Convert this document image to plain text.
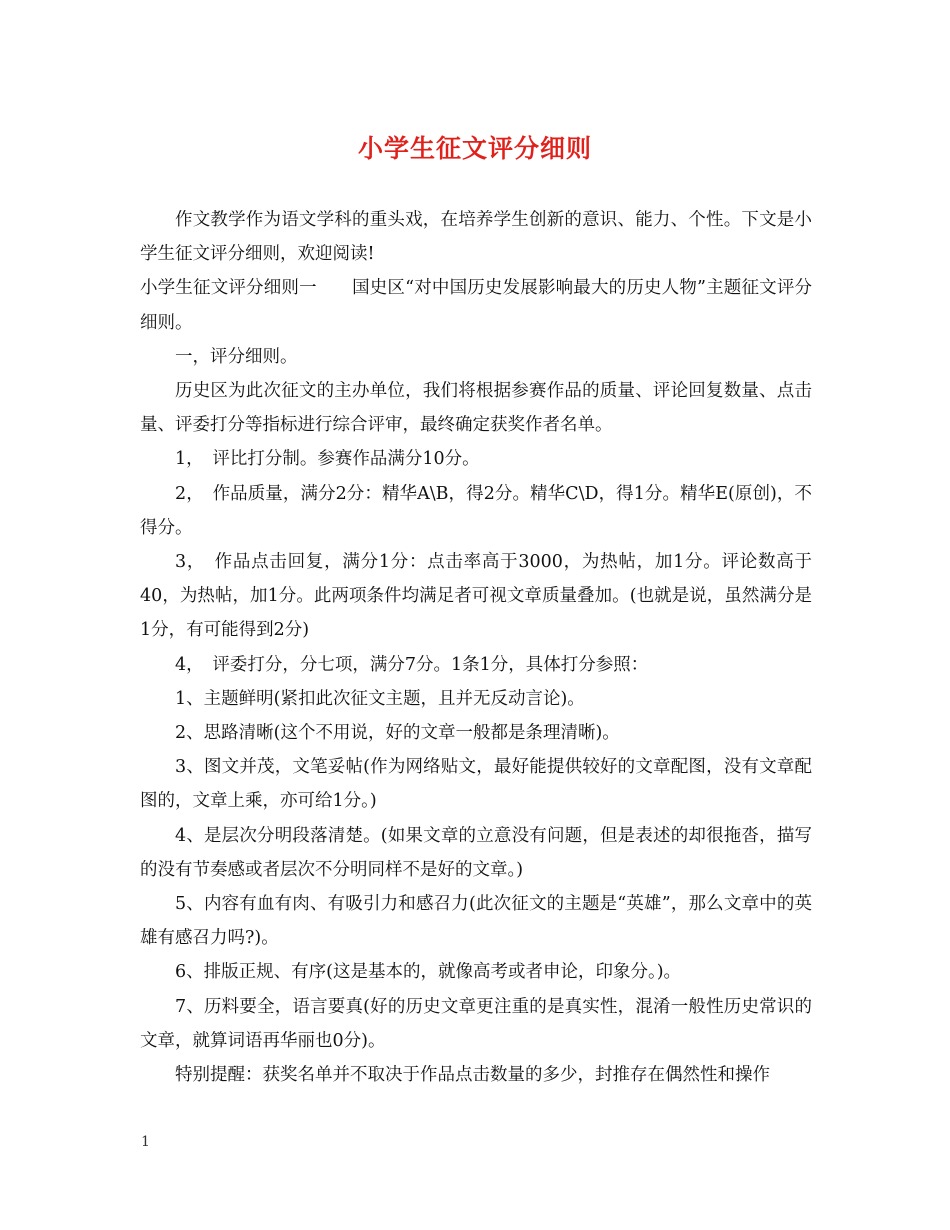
小学生征文评分细则

作文教学作为语文学科的重头戏，在培养学生创新的意识、能力、个性。下文是小学生征文评分细则，欢迎阅读!

小学生征文评分细则一　　国史区“对中国历史发展影响最大的历史人物”主题征文评分细则。

一，评分细则。

历史区为此次征文的主办单位，我们将根据参赛作品的质量、评论回复数量、点击量、评委打分等指标进行综合评审，最终确定获奖作者名单。

1，　评比打分制。参赛作品满分10分。

2，　作品质量，满分2分：精华A\B，得2分。精华C\D，得1分。精华E(原创)，不得分。

3，　作品点击回复，满分1分：点击率高于3000，为热帖，加1分。评论数高于40，为热帖，加1分。此两项条件均满足者可视文章质量叠加。(也就是说，虽然满分是1分，有可能得到2分)

4，　评委打分，分七项，满分7分。1条1分，具体打分参照：

1、主题鲜明(紧扣此次征文主题，且并无反动言论)。

2、思路清晰(这个不用说，好的文章一般都是条理清晰)。

3、图文并茂，文笔妥帖(作为网络贴文，最好能提供较好的文章配图，没有文章配图的，文章上乘，亦可给1分。)

4、是层次分明段落清楚。(如果文章的立意没有问题，但是表述的却很拖沓，描写的没有节奏感或者层次不分明同样不是好的文章。)

5、内容有血有肉、有吸引力和感召力(此次征文的主题是“英雄”，那么文章中的英雄有感召力吗?)。

6、排版正规、有序(这是基本的，就像高考或者申论，印象分。)。

7、历料要全，语言要真(好的历史文章更注重的是真实性，混淆一般性历史常识的文章，就算词语再华丽也0分)。

特别提醒：获奖名单并不取决于作品点击数量的多少，封推存在偶然性和操作

1
